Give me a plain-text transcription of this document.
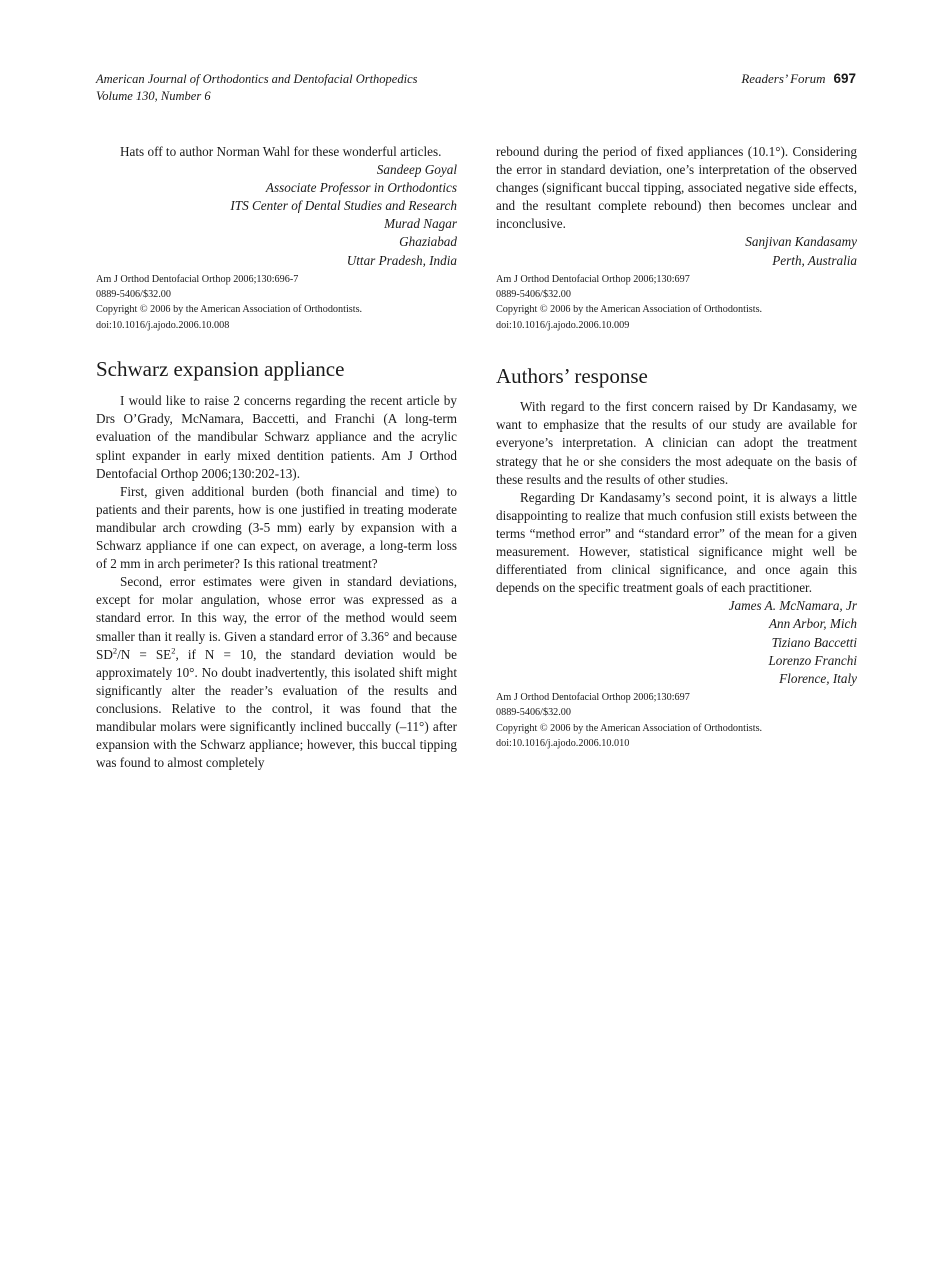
American Journal of Orthodontics and Dentofacial Orthopedics
Volume 130, Number 6
Readers’ Forum 697

Hats off to author Norman Wahl for these wonderful articles.

Sandeep Goyal
Associate Professor in Orthodontics
ITS Center of Dental Studies and Research
Murad Nagar
Ghaziabad
Uttar Pradesh, India
Am J Orthod Dentofacial Orthop 2006;130:696-7
0889-5406/$32.00
Copyright © 2006 by the American Association of Orthodontists.
doi:10.1016/j.ajodo.2006.10.008
Schwarz expansion appliance

I would like to raise 2 concerns regarding the recent article by Drs O’Grady, McNamara, Baccetti, and Franchi (A long-term evaluation of the mandibular Schwarz appliance and the acrylic splint expander in early mixed dentition patients. Am J Orthod Dentofacial Orthop 2006;130:202-13).

First, given additional burden (both financial and time) to patients and their parents, how is one justified in treating moderate mandibular arch crowding (3-5 mm) early by expansion with a Schwarz appliance if one can expect, on average, a long-term loss of 2 mm in arch perimeter? Is this rational treatment?

Second, error estimates were given in standard deviations, except for molar angulation, whose error was expressed as a standard error. In this way, the error of the method would seem smaller than it really is. Given a standard error of 3.36° and because $SD^2/N = SE^2$, if N = 10, the standard deviation would be approximately 10°. No doubt inadvertently, this isolated shift might significantly alter the reader’s evaluation of the results and conclusions. Relative to the control, it was found that the mandibular molars were significantly inclined buccally (–11°) after expansion with the Schwarz appliance; however, this buccal tipping was found to almost completely

rebound during the period of fixed appliances (10.1°). Considering the error in standard deviation, one’s interpretation of the observed changes (significant buccal tipping, associated negative side effects, and the resultant complete rebound) then becomes unclear and inconclusive.

Sanjivan Kandasamy
Perth, Australia
Am J Orthod Dentofacial Orthop 2006;130:697
0889-5406/$32.00
Copyright © 2006 by the American Association of Orthodontists.
doi:10.1016/j.ajodo.2006.10.009
Authors’ response

With regard to the first concern raised by Dr Kandasamy, we want to emphasize that the results of our study are available for everyone’s interpretation. A clinician can adopt the treatment strategy that he or she considers the most adequate on the basis of these results and the results of other studies.

Regarding Dr Kandasamy’s second point, it is always a little disappointing to realize that much confusion still exists between the terms “method error” and “standard error” of the mean for a given measurement. However, statistical significance might well be differentiated from clinical significance, and once again this depends on the specific treatment goals of each practitioner.

James A. McNamara, Jr
Ann Arbor, Mich
Tiziano Baccetti
Lorenzo Franchi
Florence, Italy
Am J Orthod Dentofacial Orthop 2006;130:697
0889-5406/$32.00
Copyright © 2006 by the American Association of Orthodontists.
doi:10.1016/j.ajodo.2006.10.010
